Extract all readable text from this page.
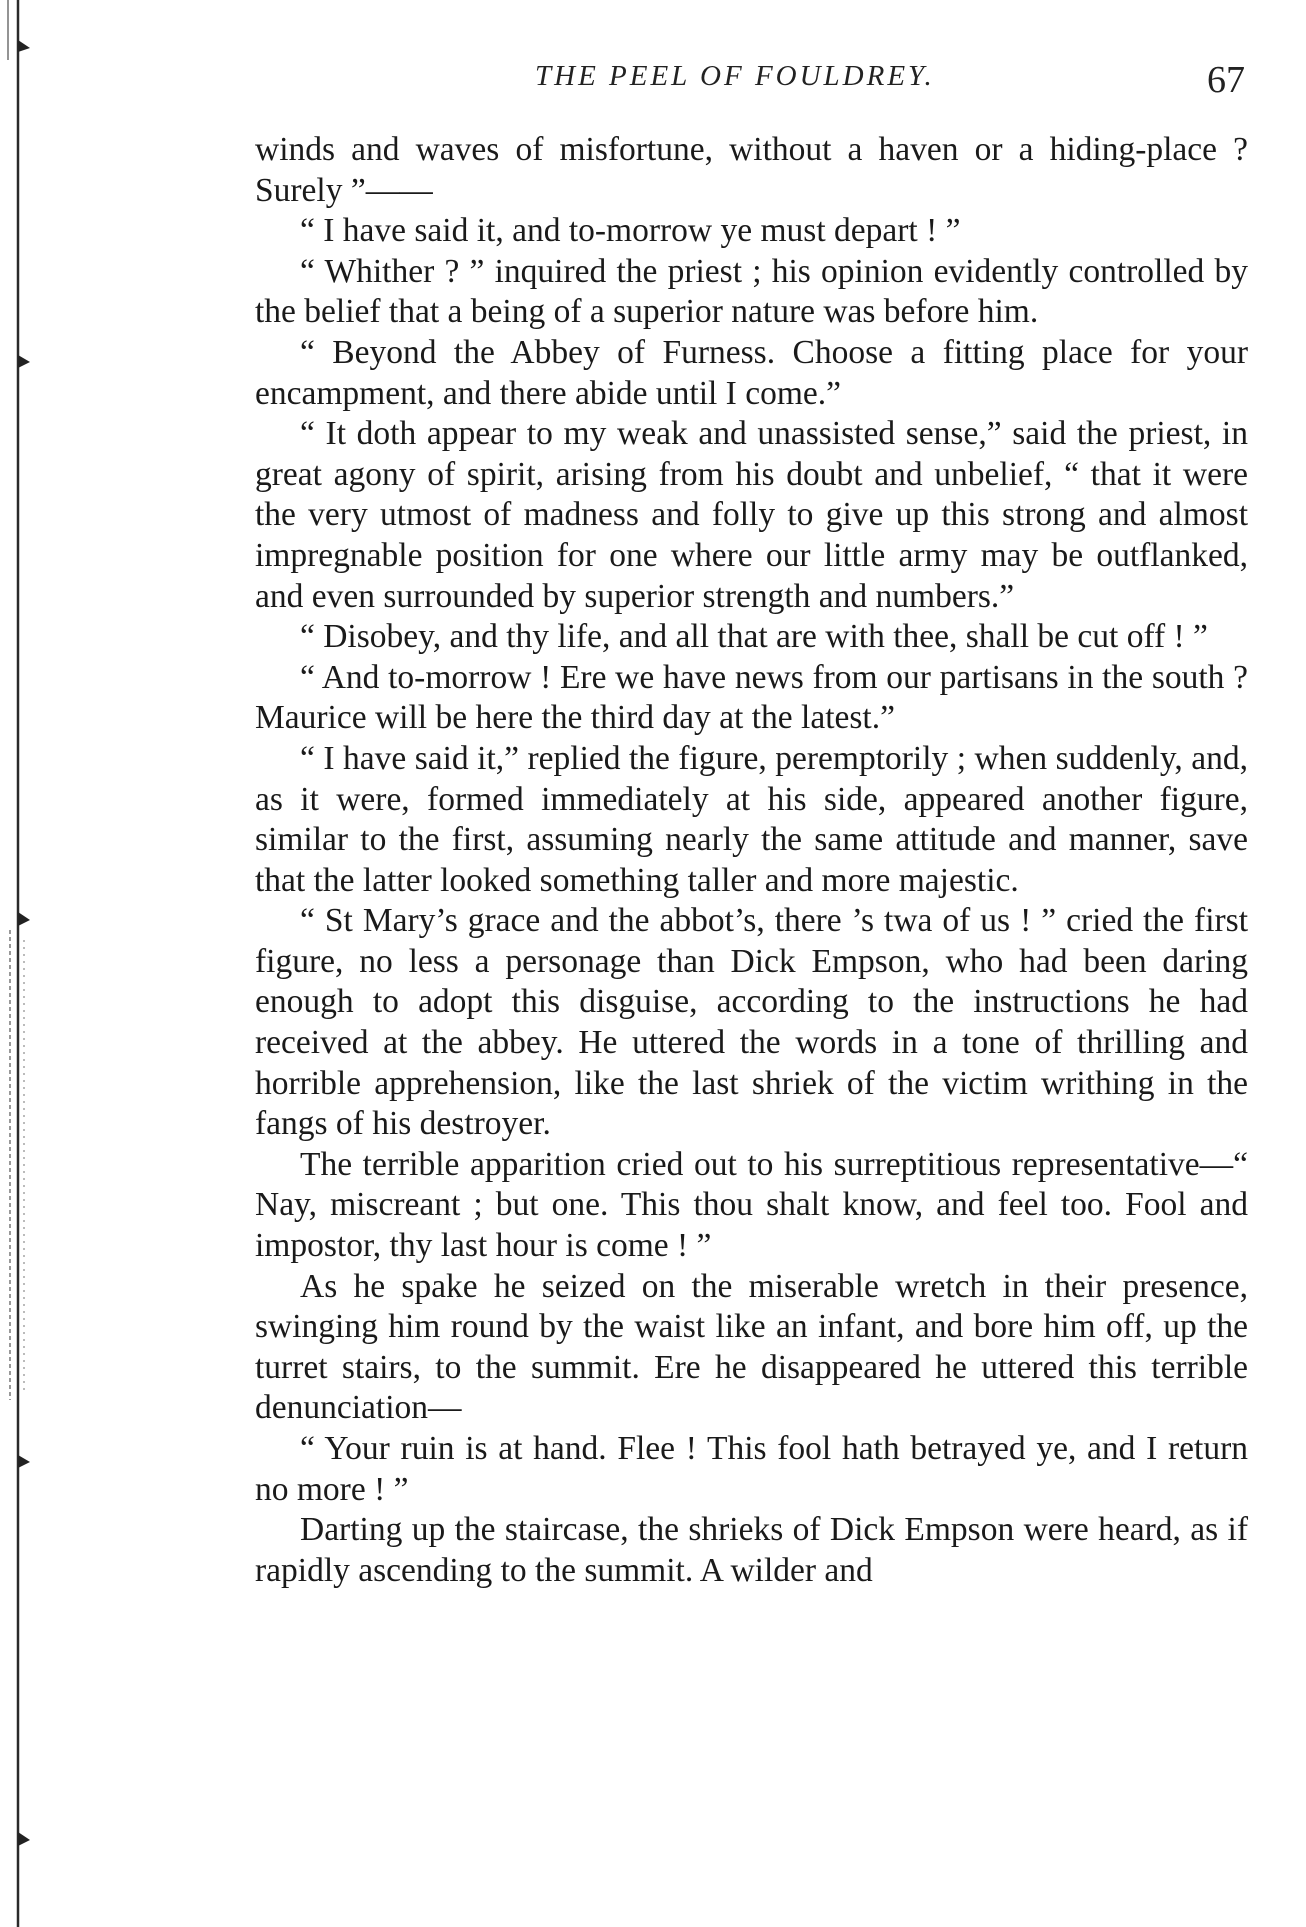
THE PEEL OF FOULDREY.	67

winds and waves of misfortune, without a haven or a hiding-place ? Surely ”——

“ I have said it, and to-morrow ye must depart ! ”

“ Whither ? ” inquired the priest ; his opinion evidently controlled by the belief that a being of a superior nature was before him.

“ Beyond the Abbey of Furness. Choose a fitting place for your encampment, and there abide until I come.”

“ It doth appear to my weak and unassisted sense,” said the priest, in great agony of spirit, arising from his doubt and unbelief, “ that it were the very utmost of madness and folly to give up this strong and almost impregnable position for one where our little army may be outflanked, and even surrounded by superior strength and numbers.”

“ Disobey, and thy life, and all that are with thee, shall be cut off ! ”

“ And to-morrow ! Ere we have news from our partisans in the south ? Maurice will be here the third day at the latest.”

“ I have said it,” replied the figure, peremptorily ; when suddenly, and, as it were, formed immediately at his side, appeared another figure, similar to the first, assuming nearly the same attitude and manner, save that the latter looked something taller and more majestic.

“ St Mary’s grace and the abbot’s, there ’s twa of us ! ” cried the first figure, no less a personage than Dick Empson, who had been daring enough to adopt this disguise, according to the instructions he had received at the abbey. He uttered the words in a tone of thrilling and horrible apprehension, like the last shriek of the victim writhing in the fangs of his destroyer.

The terrible apparition cried out to his surreptitious representative—“ Nay, miscreant ; but one. This thou shalt know, and feel too. Fool and impostor, thy last hour is come ! ”

As he spake he seized on the miserable wretch in their presence, swinging him round by the waist like an infant, and bore him off, up the turret stairs, to the summit. Ere he disappeared he uttered this terrible denunciation—

“ Your ruin is at hand. Flee ! This fool hath betrayed ye, and I return no more ! ”

Darting up the staircase, the shrieks of Dick Empson were heard, as if rapidly ascending to the summit. A wilder and
